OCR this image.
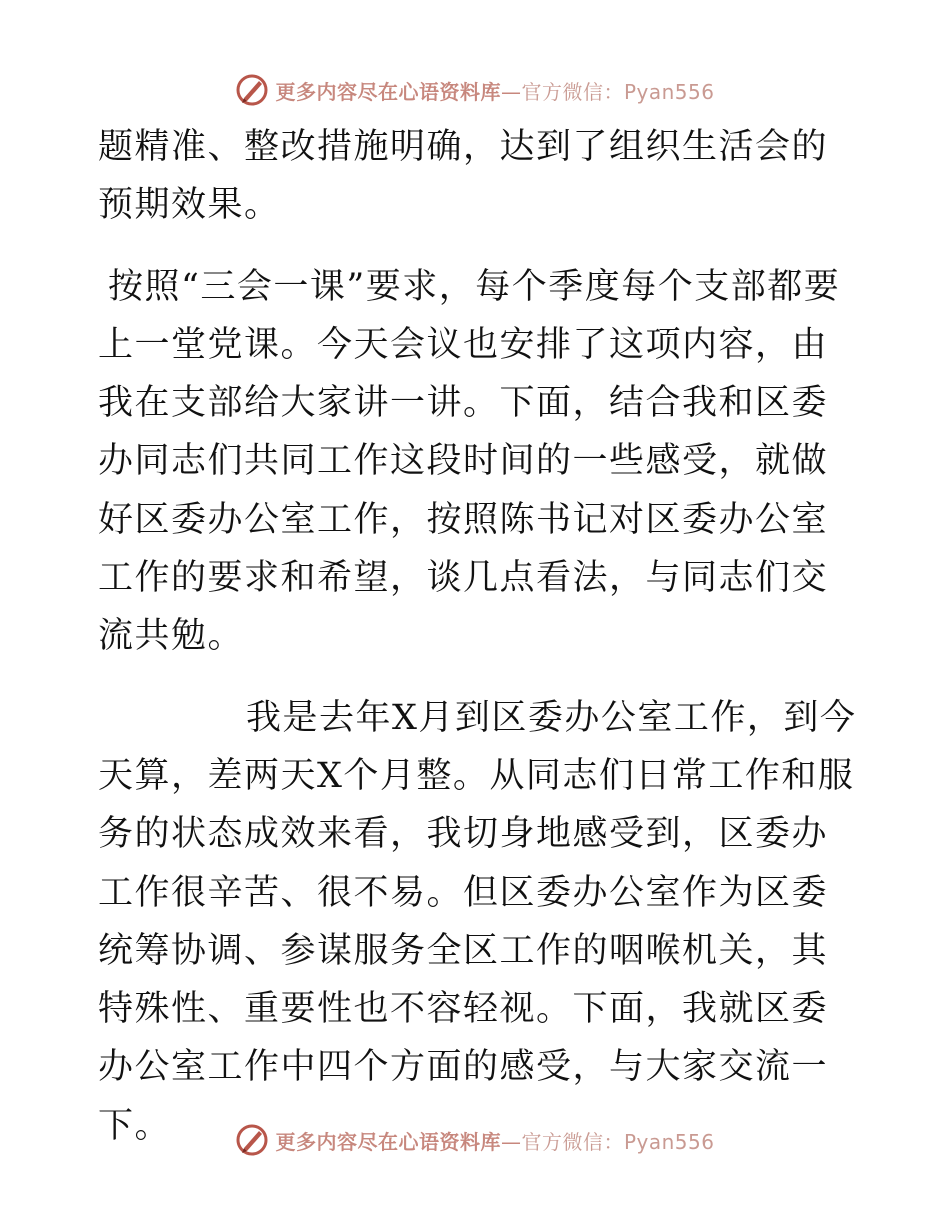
更多内容尽在心语资料库—官方微信：Pyan556

题精准、整改措施明确，达到了组织生活会的预期效果。

按照“三会一课”要求，每个季度每个支部都要上一堂党课。今天会议也安排了这项内容，由我在支部给大家讲一讲。下面，结合我和区委办同志们共同工作这段时间的一些感受，就做好区委办公室工作，按照陈书记对区委办公室工作的要求和希望，谈几点看法，与同志们交流共勉。

我是去年X月到区委办公室工作，到今天算，差两天X个月整。从同志们日常工作和服务的状态成效来看，我切身地感受到，区委办工作很辛苦、很不易。但区委办公室作为区委统筹协调、参谋服务全区工作的咽喉机关，其特殊性、重要性也不容轻视。下面，我就区委办公室工作中四个方面的感受，与大家交流一下。	更多内容尽在心语资料库—官方微信：Pyan556
